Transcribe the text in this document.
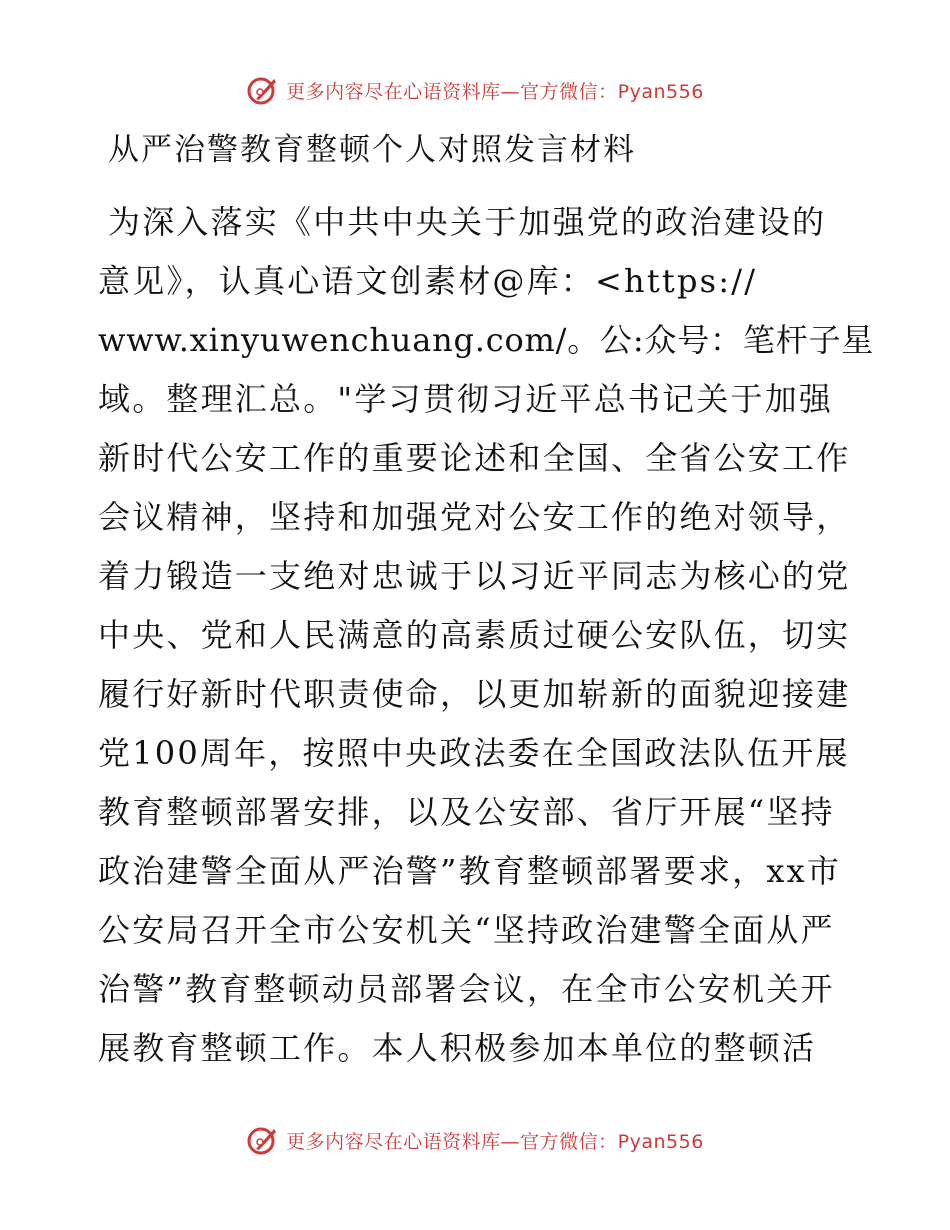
更多内容尽在心语资料库—官方微信：Pyan556
从严治警教育整顿个人对照发言材料
为深入落实《中共中央关于加强党的政治建设的
意见》，认真心语文创素材@库：<https://
www.xinyuwenchuang.com/。公:众号：笔杆子星
域。整理汇总。"学习贯彻习近平总书记关于加强
新时代公安工作的重要论述和全国、全省公安工作
会议精神，坚持和加强党对公安工作的绝对领导，
着力锻造一支绝对忠诚于以习近平同志为核心的党
中央、党和人民满意的高素质过硬公安队伍，切实
履行好新时代职责使命，以更加崭新的面貌迎接建
党100周年，按照中央政法委在全国政法队伍开展
教育整顿部署安排，以及公安部、省厅开展“坚持
政治建警全面从严治警”教育整顿部署要求，xx市
公安局召开全市公安机关“坚持政治建警全面从严
治警”教育整顿动员部署会议，在全市公安机关开
展教育整顿工作。本人积极参加本单位的整顿活
更多内容尽在心语资料库—官方微信：Pyan556
